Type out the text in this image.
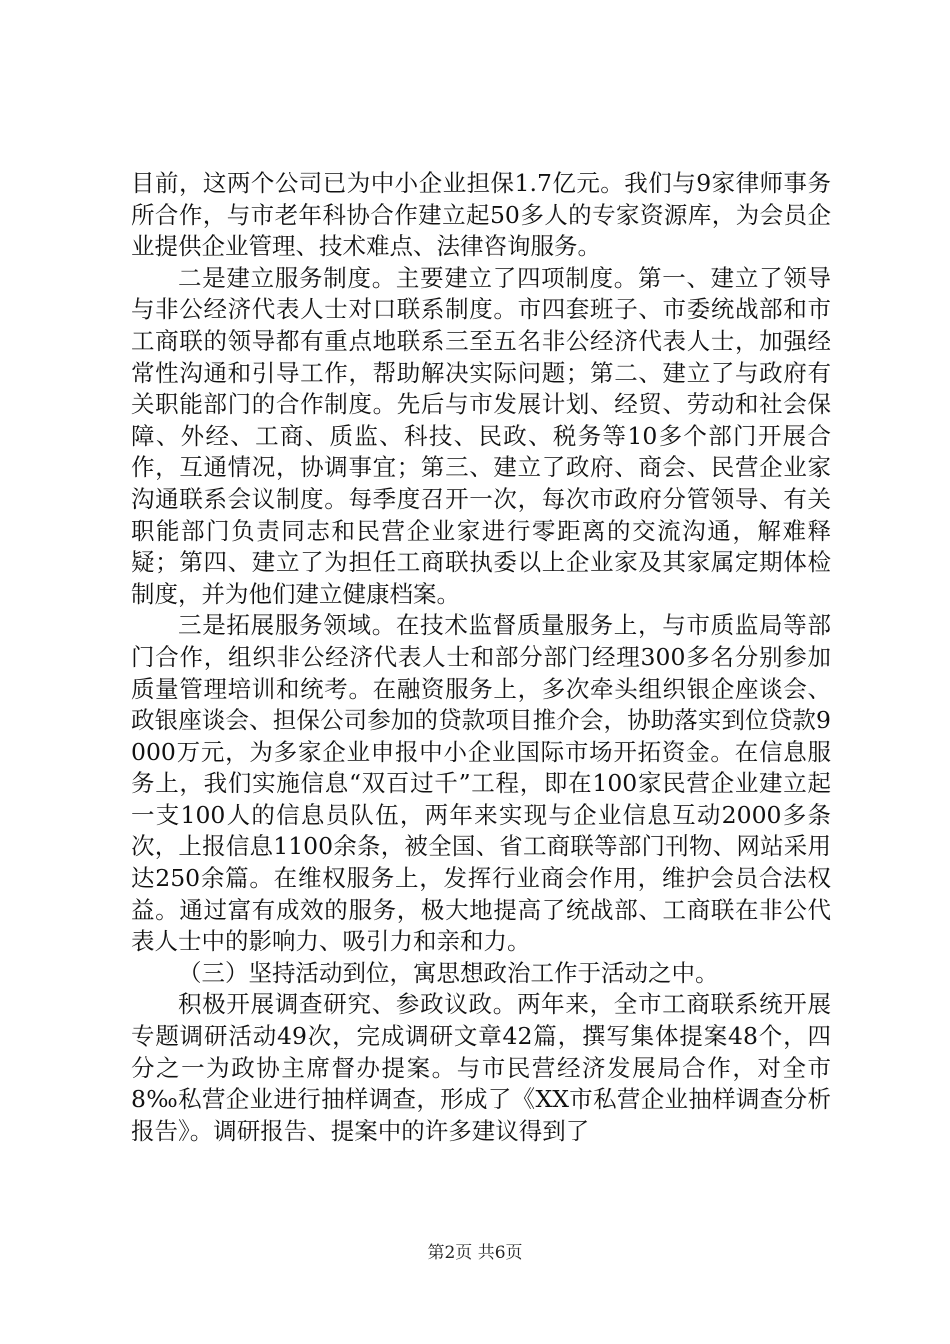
目前，这两个公司已为中小企业担保1.7亿元。我们与9家律师事务所合作，与市老年科协合作建立起50多人的专家资源库，为会员企业提供企业管理、技术难点、法律咨询服务。

二是建立服务制度。主要建立了四项制度。第一、建立了领导与非公经济代表人士对口联系制度。市四套班子、市委统战部和市工商联的领导都有重点地联系三至五名非公经济代表人士，加强经常性沟通和引导工作，帮助解决实际问题；第二、建立了与政府有关职能部门的合作制度。先后与市发展计划、经贸、劳动和社会保障、外经、工商、质监、科技、民政、税务等10多个部门开展合作，互通情况，协调事宜；第三、建立了政府、商会、民营企业家沟通联系会议制度。每季度召开一次，每次市政府分管领导、有关职能部门负责同志和民营企业家进行零距离的交流沟通，解难释疑；第四、建立了为担任工商联执委以上企业家及其家属定期体检制度，并为他们建立健康档案。

三是拓展服务领域。在技术监督质量服务上，与市质监局等部门合作，组织非公经济代表人士和部分部门经理300多名分别参加质量管理培训和统考。在融资服务上，多次牵头组织银企座谈会、政银座谈会、担保公司参加的贷款项目推介会，协助落实到位贷款9000万元，为多家企业申报中小企业国际市场开拓资金。在信息服务上，我们实施信息“双百过千”工程，即在100家民营企业建立起一支100人的信息员队伍，两年来实现与企业信息互动2000多条次，上报信息1100余条，被全国、省工商联等部门刊物、网站采用达250余篇。在维权服务上，发挥行业商会作用，维护会员合法权益。通过富有成效的服务，极大地提高了统战部、工商联在非公代表人士中的影响力、吸引力和亲和力。

（三）坚持活动到位，寓思想政治工作于活动之中。

积极开展调查研究、参政议政。两年来，全市工商联系统开展专题调研活动49次，完成调研文章42篇，撰写集体提案48个，四分之一为政协主席督办提案。与市民营经济发展局合作，对全市8‰私营企业进行抽样调查，形成了《XX市私营企业抽样调查分析报告》。调研报告、提案中的许多建议得到了

第2页 共6页
